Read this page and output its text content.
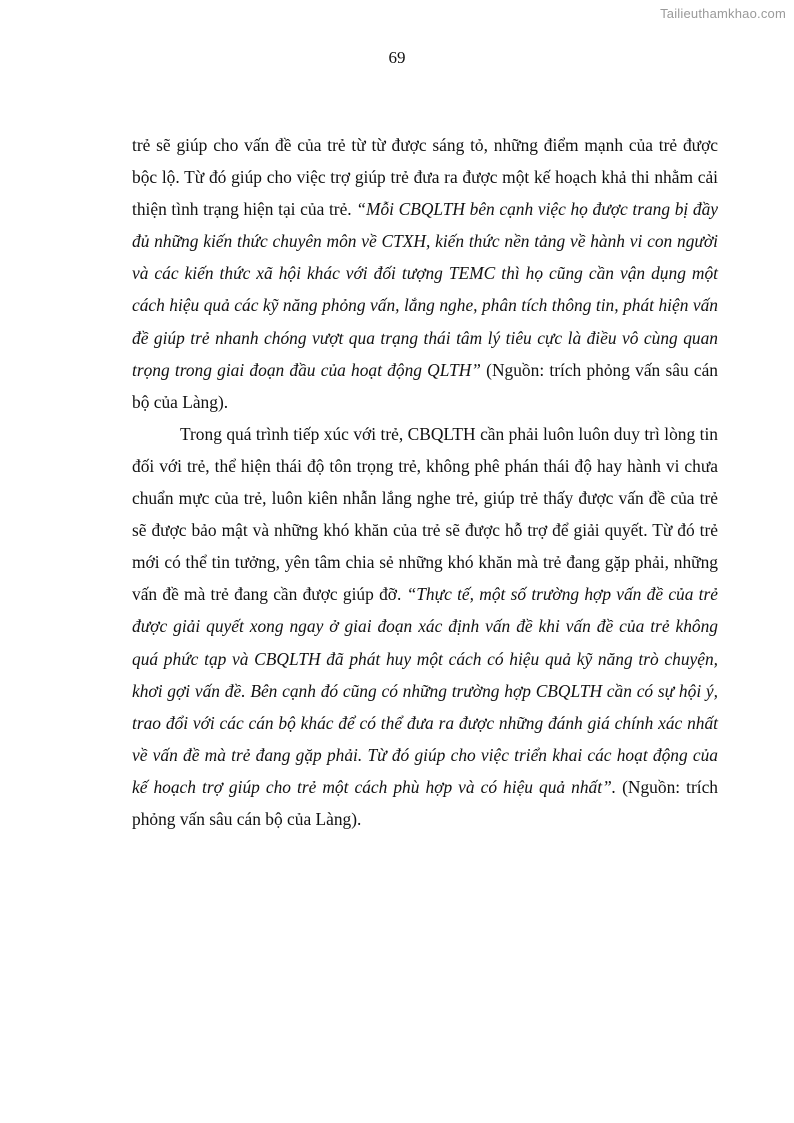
Tailieuthamkhao.com
69

trẻ sẽ giúp cho vấn đề của trẻ từ từ được sáng tỏ, những điểm mạnh của trẻ được bộc lộ. Từ đó giúp cho việc trợ giúp trẻ đưa ra được một kế hoạch khả thi nhằm cải thiện tình trạng hiện tại của trẻ. “Mỗi CBQLTH bên cạnh việc họ được trang bị đầy đủ những kiến thức chuyên môn về CTXH, kiến thức nền tảng về hành vi con người và các kiến thức xã hội khác với đối tượng TEMC thì họ cũng cần vận dụng một cách hiệu quả các kỹ năng phỏng vấn, lắng nghe, phân tích thông tin, phát hiện vấn đề giúp trẻ nhanh chóng vượt qua trạng thái tâm lý tiêu cực là điều vô cùng quan trọng trong giai đoạn đầu của hoạt động QLTH” (Nguồn: trích phỏng vấn sâu cán bộ của Làng).

Trong quá trình tiếp xúc với trẻ, CBQLTH cần phải luôn luôn duy trì lòng tin đối với trẻ, thể hiện thái độ tôn trọng trẻ, không phê phán thái độ hay hành vi chưa chuẩn mực của trẻ, luôn kiên nhẫn lắng nghe trẻ, giúp trẻ thấy được vấn đề của trẻ sẽ được bảo mật và những khó khăn của trẻ sẽ được hỗ trợ để giải quyết. Từ đó trẻ mới có thể tin tưởng, yên tâm chia sẻ những khó khăn mà trẻ đang gặp phải, những vấn đề mà trẻ đang cần được giúp đỡ. “Thực tế, một số trường hợp vấn đề của trẻ được giải quyết xong ngay ở giai đoạn xác định vấn đề khi vấn đề của trẻ không quá phức tạp và CBQLTH đã phát huy một cách có hiệu quả kỹ năng trò chuyện, khơi gợi vấn đề. Bên cạnh đó cũng có những trường hợp CBQLTH cần có sự hội ý, trao đổi với các cán bộ khác để có thể đưa ra được những đánh giá chính xác nhất về vấn đề mà trẻ đang gặp phải. Từ đó giúp cho việc triển khai các hoạt động của kế hoạch trợ giúp cho trẻ một cách phù hợp và có hiệu quả nhất”. (Nguồn: trích phỏng vấn sâu cán bộ của Làng).
